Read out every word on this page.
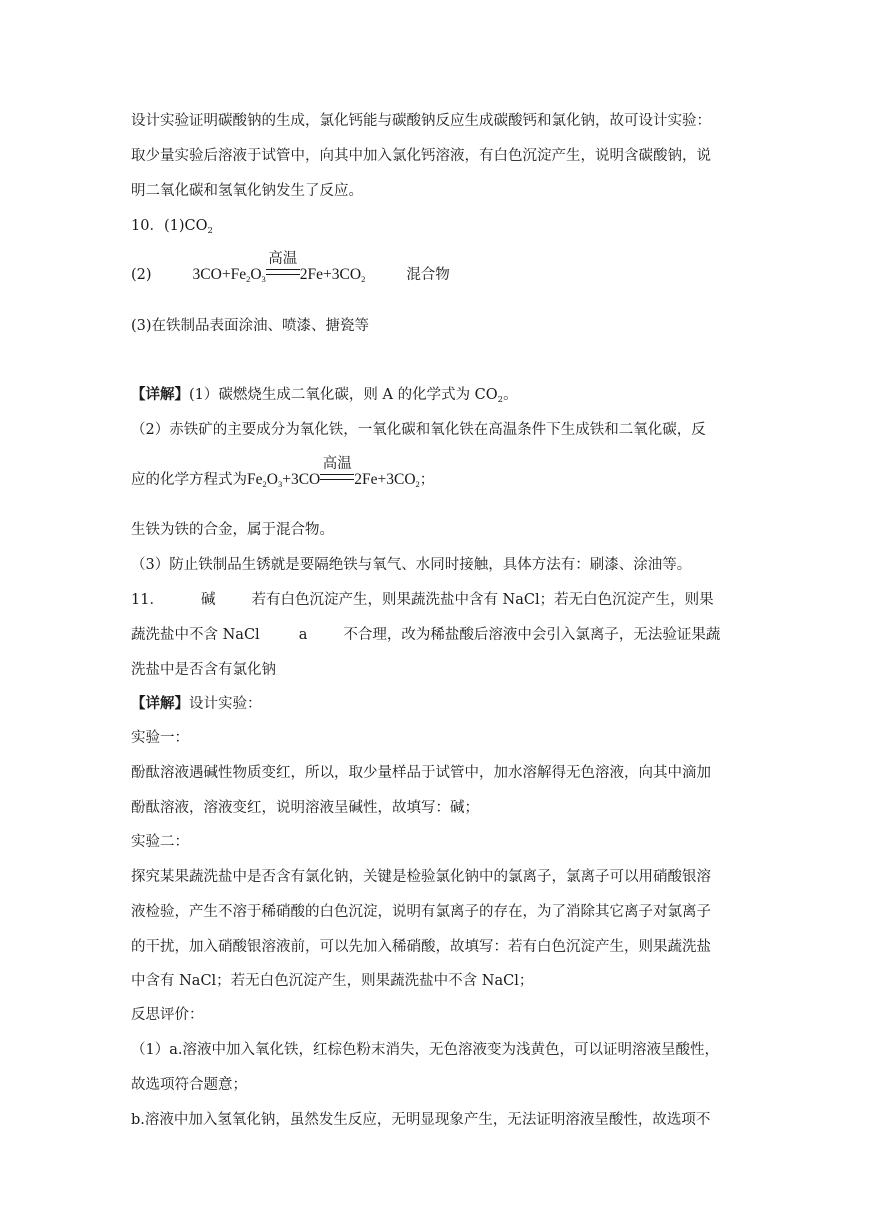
设计实验证明碳酸钠的生成，氯化钙能与碳酸钠反应生成碳酸钙和氯化钠，故可设计实验：
取少量实验后溶液于试管中，向其中加入氯化钙溶液，有白色沉淀产生，说明含碳酸钠，说
明二氧化碳和氢氧化钠发生了反应。
10．$(1)CO_2$
(2)	$3CO+Fe_2O_3$
高温
$2Fe+3CO_2$	混合物
(3)在铁制品表面涂油、喷漆、搪瓷等
【详解】(1）碳燃烧生成二氧化碳，则 A 的化学式为 $CO_2$。
（2）赤铁矿的主要成分为氧化铁，一氧化碳和氧化铁在高温条件下生成铁和二氧化碳，反
应的化学方程式为$Fe_2O_3+3CO$
高温
$2Fe+3CO_2$；
生铁为铁的合金，属于混合物。
（3）防止铁制品生锈就是要隔绝铁与氧气、水同时接触，具体方法有：刷漆、涂油等。
11．	碱 若有白色沉淀产生，则果蔬洗盐中含有 NaCl；若无白色沉淀产生，则果
蔬洗盐中不含 NaCl	a 不合理，改为稀盐酸后溶液中会引入氯离子，无法验证果蔬
洗盐中是否含有氯化钠
【详解】设计实验：
实验一：
酚酞溶液遇碱性物质变红，所以，取少量样品于试管中，加水溶解得无色溶液，向其中滴加
酚酞溶液，溶液变红，说明溶液呈碱性，故填写：碱；
实验二：
探究某果蔬洗盐中是否含有氯化钠，关键是检验氯化钠中的氯离子，氯离子可以用硝酸银溶
液检验，产生不溶于稀硝酸的白色沉淀，说明有氯离子的存在，为了消除其它离子对氯离子
的干扰，加入硝酸银溶液前，可以先加入稀硝酸，故填写：若有白色沉淀产生，则果蔬洗盐
中含有 NaCl；若无白色沉淀产生，则果蔬洗盐中不含 NaCl；
反思评价：
（1）a.溶液中加入氧化铁，红棕色粉末消失，无色溶液变为浅黄色，可以证明溶液呈酸性，
故选项符合题意；
b.溶液中加入氢氧化钠，虽然发生反应，无明显现象产生，无法证明溶液呈酸性，故选项不
